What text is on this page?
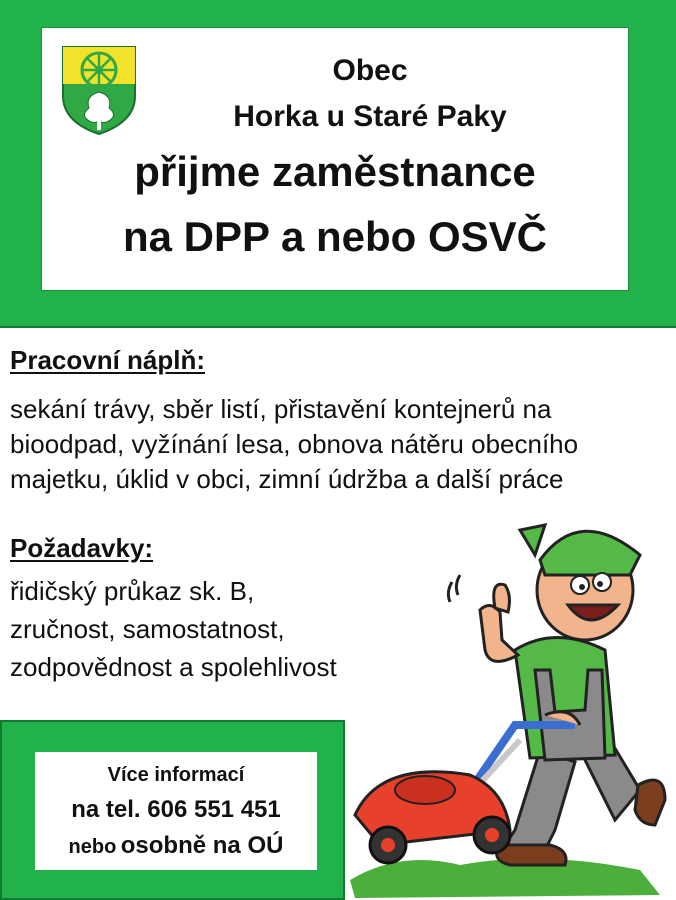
Obec
Horka u Staré Paky
přijme zaměstnance
na DPP a nebo OSVČ
Pracovní náplň:
sekání trávy, sběr listí, přistavění kontejnerů na bioodpad, vyžínání lesa, obnova nátěru obecního majetku, úklid v obci, zimní údržba a další práce
Požadavky:
řidičský průkaz sk. B,
zručnost, samostatnost,
zodpovědnost a spolehlivost
Více informací
na tel. 606 551 451
nebo osobně na OÚ
